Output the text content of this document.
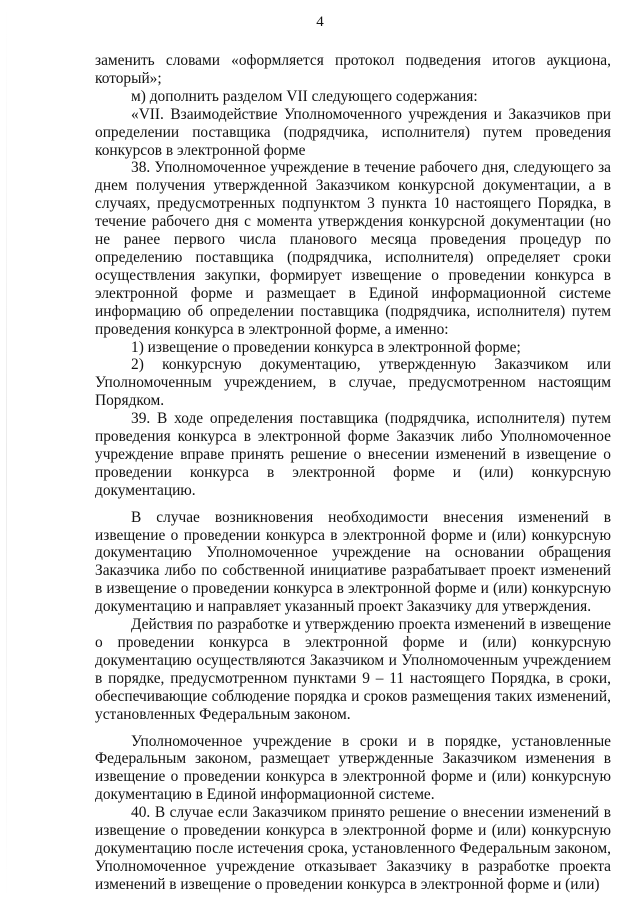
4

заменить словами «оформляется протокол подведения итогов аукциона, который»;

м) дополнить разделом VII следующего содержания:

«VII. Взаимодействие Уполномоченного учреждения и Заказчиков при определении поставщика (подрядчика, исполнителя) путем проведения конкурсов в электронной форме

38. Уполномоченное учреждение в течение рабочего дня, следующего за днем получения утвержденной Заказчиком конкурсной документации, а в случаях, предусмотренных подпунктом 3 пункта 10 настоящего Порядка, в течение рабочего дня с момента утверждения конкурсной документации (но не ранее первого числа планового месяца проведения процедур по определению поставщика (подрядчика, исполнителя) определяет сроки осуществления закупки, формирует извещение о проведении конкурса в электронной форме и размещает в Единой информационной системе информацию об определении поставщика (подрядчика, исполнителя) путем проведения конкурса в электронной форме, а именно:

1) извещение о проведении конкурса в электронной форме;

2) конкурсную документацию, утвержденную Заказчиком или Уполномоченным учреждением, в случае, предусмотренном настоящим Порядком.

39. В ходе определения поставщика (подрядчика, исполнителя) путем проведения конкурса в электронной форме Заказчик либо Уполномоченное учреждение вправе принять решение о внесении изменений в извещение о проведении конкурса в электронной форме и (или) конкурсную документацию.

В случае возникновения необходимости внесения изменений в извещение о проведении конкурса в электронной форме и (или) конкурсную документацию Уполномоченное учреждение на основании обращения Заказчика либо по собственной инициативе разрабатывает проект изменений в извещение о проведении конкурса в электронной форме и (или) конкурсную документацию и направляет указанный проект Заказчику для утверждения.

Действия по разработке и утверждению проекта изменений в извещение о проведении конкурса в электронной форме и (или) конкурсную документацию осуществляются Заказчиком и Уполномоченным учреждением в порядке, предусмотренном пунктами 9 – 11 настоящего Порядка, в сроки, обеспечивающие соблюдение порядка и сроков размещения таких изменений, установленных Федеральным законом.

Уполномоченное учреждение в сроки и в порядке, установленные Федеральным законом, размещает утвержденные Заказчиком изменения в извещение о проведении конкурса в электронной форме и (или) конкурсную документацию в Единой информационной системе.

40. В случае если Заказчиком принято решение о внесении изменений в извещение о проведении конкурса в электронной форме и (или) конкурсную документацию после истечения срока, установленного Федеральным законом, Уполномоченное учреждение отказывает Заказчику в разработке проекта изменений в извещение о проведении конкурса в электронной форме и (или)
